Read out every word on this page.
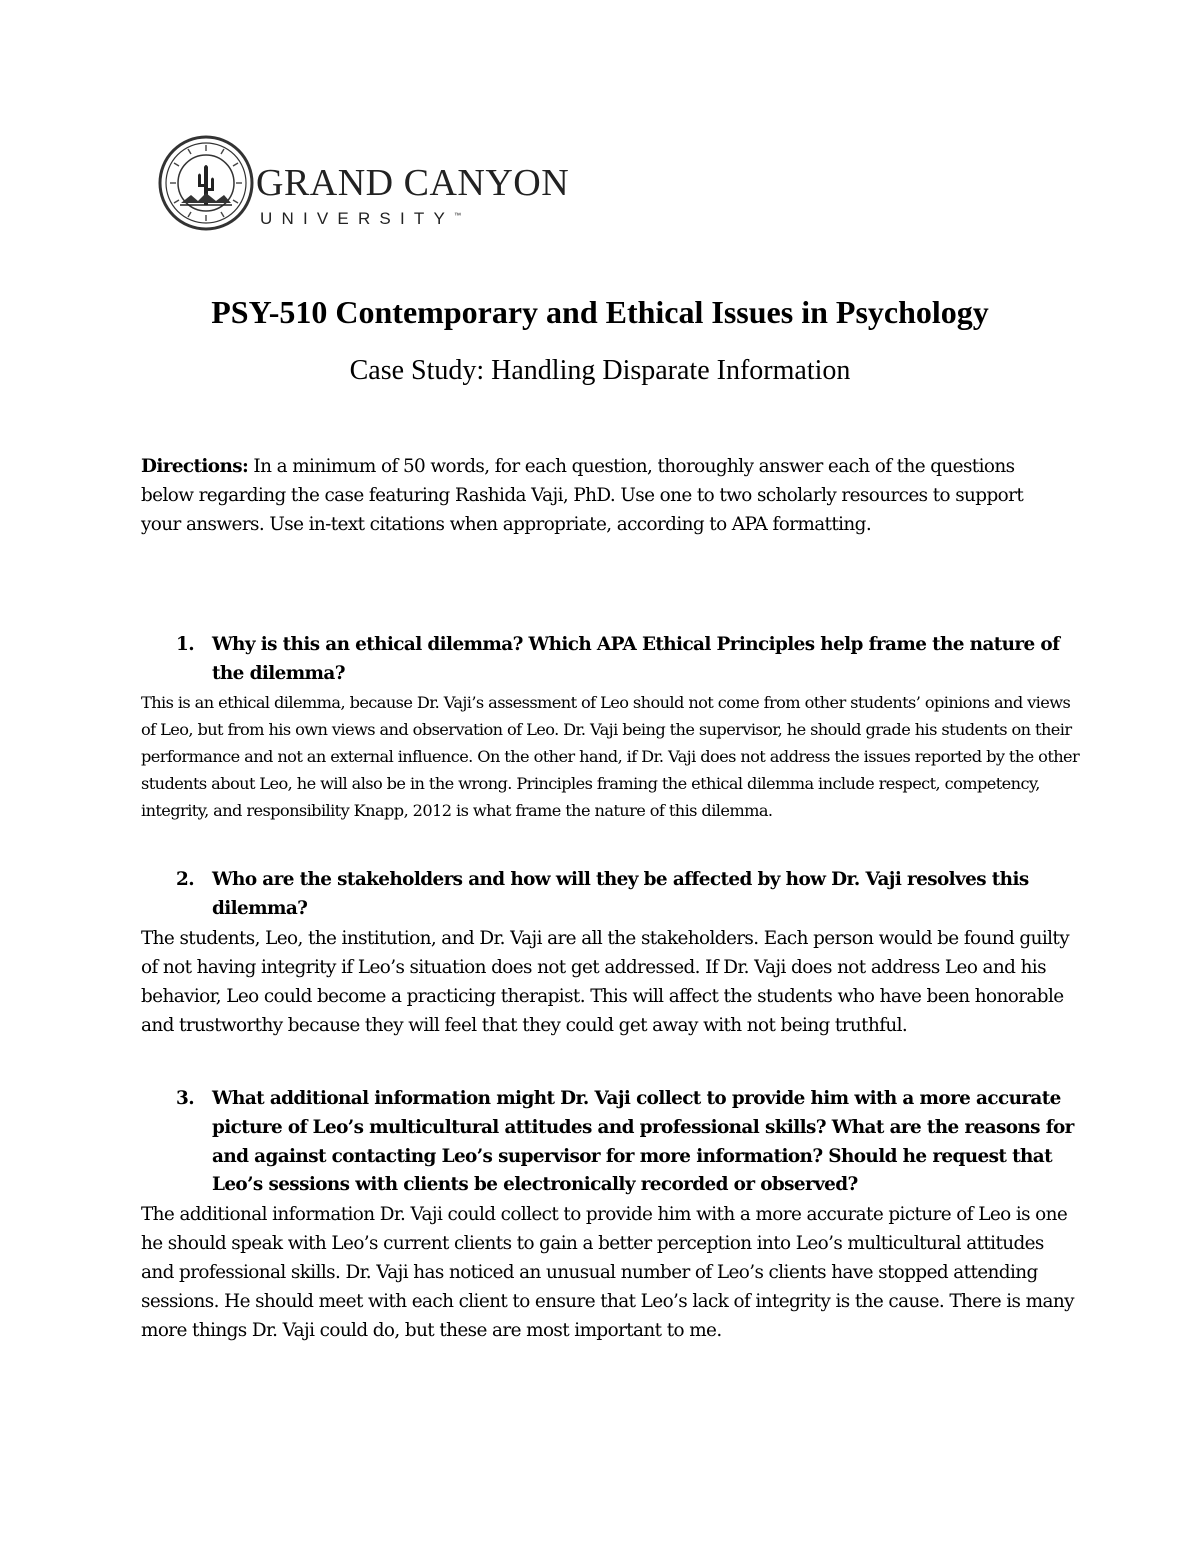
GRAND CANYON
UNIVERSITY™
PSY-510 Contemporary and Ethical Issues in Psychology
Case Study: Handling Disparate Information
Directions: In a minimum of 50 words, for each question, thoroughly answer each of the questions below regarding the case featuring Rashida Vaji, PhD. Use one to two scholarly resources to support your answers. Use in-text citations when appropriate, according to APA formatting.
1. Why is this an ethical dilemma? Which APA Ethical Principles help frame the nature of the dilemma?
This is an ethical dilemma, because Dr. Vaji’s assessment of Leo should not come from other students’ opinions and views of Leo, but from his own views and observation of Leo. Dr. Vaji being the supervisor, he should grade his students on their performance and not an external influence. On the other hand, if Dr. Vaji does not address the issues reported by the other students about Leo, he will also be in the wrong. Principles framing the ethical dilemma include respect, competency, integrity, and responsibility Knapp, 2012 is what frame the nature of this dilemma.
2. Who are the stakeholders and how will they be affected by how Dr. Vaji resolves this dilemma?
The students, Leo, the institution, and Dr. Vaji are all the stakeholders. Each person would be found guilty of not having integrity if Leo’s situation does not get addressed. If Dr. Vaji does not address Leo and his behavior, Leo could become a practicing therapist. This will affect the students who have been honorable and trustworthy because they will feel that they could get away with not being truthful.
3. What additional information might Dr. Vaji collect to provide him with a more accurate picture of Leo’s multicultural attitudes and professional skills? What are the reasons for and against contacting Leo’s supervisor for more information? Should he request that Leo’s sessions with clients be electronically recorded or observed?
The additional information Dr. Vaji could collect to provide him with a more accurate picture of Leo is one he should speak with Leo’s current clients to gain a better perception into Leo’s multicultural attitudes and professional skills. Dr. Vaji has noticed an unusual number of Leo’s clients have stopped attending sessions. He should meet with each client to ensure that Leo’s lack of integrity is the cause. There is many more things Dr. Vaji could do, but these are most important to me.
